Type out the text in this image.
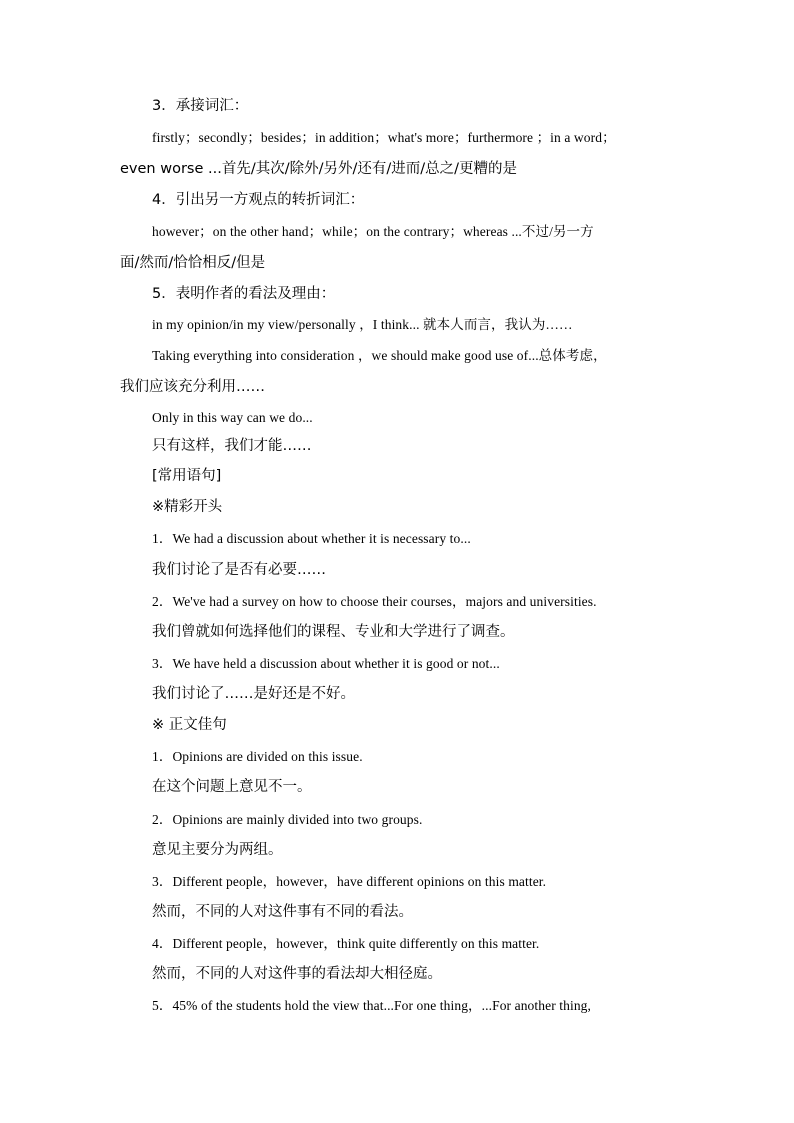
3．承接词汇：
firstly；secondly；besides；in addition；what's more；furthermore ；in a word；
even worse ...首先/其次/除外/另外/还有/进而/总之/更糟的是
4．引出另一方观点的转折词汇：
however；on the other hand；while；on the contrary；whereas ...不过/另一方
面/然而/恰恰相反/但是
5．表明作者的看法及理由：
in my opinion/in my view/personally ，I think... 就本人而言，我认为……
Taking everything into consideration ，we should make good use of...总体考虑，
我们应该充分利用……
Only in this way can we do...
只有这样，我们才能……
[常用语句]
※精彩开头
1．We had a discussion about whether it is necessary to...
我们讨论了是否有必要……
2．We've had a survey on how to choose their courses，majors and universities.
我们曾就如何选择他们的课程、专业和大学进行了调查。
3．We have held a discussion about whether it is good or not...
我们讨论了……是好还是不好。
※ 正文佳句
1．Opinions are divided on this issue.
在这个问题上意见不一。
2．Opinions are mainly divided into two groups.
意见主要分为两组。
3．Different people，however，have different opinions on this matter.
然而，不同的人对这件事有不同的看法。
4．Different people，however，think quite differently on this matter.
然而，不同的人对这件事的看法却大相径庭。
5．45% of the students hold the view that...For one thing，...For another thing,
